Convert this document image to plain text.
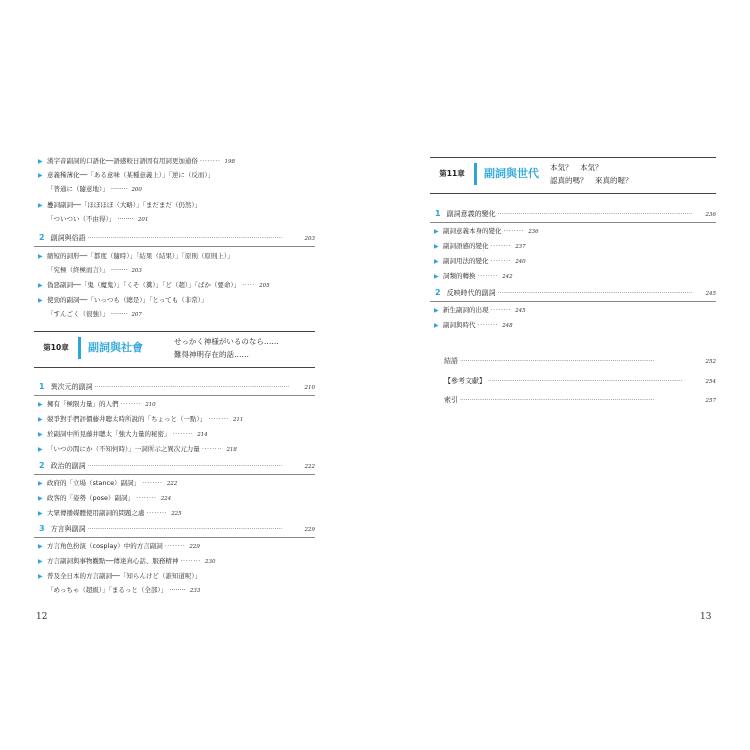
▶ 漢字音副詞的口語化──語感較日語固有用詞更加通俗 ········ 198
▶ 意義稀薄化──「ある意味（某種意義上）」「逆に（反而）」
「普通に（隨意地）」 ········ 200
▶ 疊詞副詞──「ほぼほぼ（大略）」「まだまだ（仍然）」
「ついつい（不由得）」 ········ 201
2 副詞與俗語 ······································································································	203
▶ 縮短的詞形──「都度（隨時）」「結果（結果）」「原則（原則上）」
「究極（終極而言）」 ········ 203
▶ 偽惡副詞──「鬼（魔鬼）」「くそ（糞）」「ど（超）」「ばか（要命）」 ····· 205
▶ 使勁的副詞──「いっつも（總是）」「とっても（非常）」
「すんごく（很強）」 ········ 207
第10章	副詞與社會	せっかく神様がいるのなら……
難得神明存在的話……
1 異次元的副詞 ······································································································	210
▶ 擁有「極限力量」的人們 ········ 210
▶ 競爭對手們評價藤井聰太時所說的「ちょっと（一點）」 ········ 211
▶ 於副詞中所見藤井聰太「強大力量的秘密」 ········ 214
▶ 「いつの間にか（不知何時）」一詞所示之異次元力量 ········ 218
2 政治的副詞 ······································································································	222
▶ 政府的「立場（stance）副詞」 ········ 222
▶ 政客的「姿勢（pose）副詞」 ········ 224
▶ 大眾傳播媒體使用副詞的問題之處 ········ 225
3 方言與副詞 ······································································································	229
▶ 方言角色扮演（cosplay）中的方言副詞 ········ 229
▶ 方言副詞與事物觀點──傳達真心話、服務精神 ········ 230
▶ 普及全日本的方言副詞──「知らんけど（誰知道呢）」
「めっちゃ（超級）」「まるっと（全部）」 ········ 233
12
第11章	副詞與世代 本気？　本気？
認真的嗎？　來真的喔？
1 副詞意義的變化 ······································································································	236
▶ 副詞意義本身的變化 ········ 236
▶ 副詞語感的變化 ········ 237
▶ 副詞用法的變化 ········ 240
▶ 詞類的轉換 ········ 242
2 反映時代的副詞 ······································································································	245
▶ 新生副詞的出現 ········ 245
▶ 副詞與時代 ········ 248
結語 ······································································································	252
【參考文獻】 ······································································································	254
索引 ······································································································	257
13
